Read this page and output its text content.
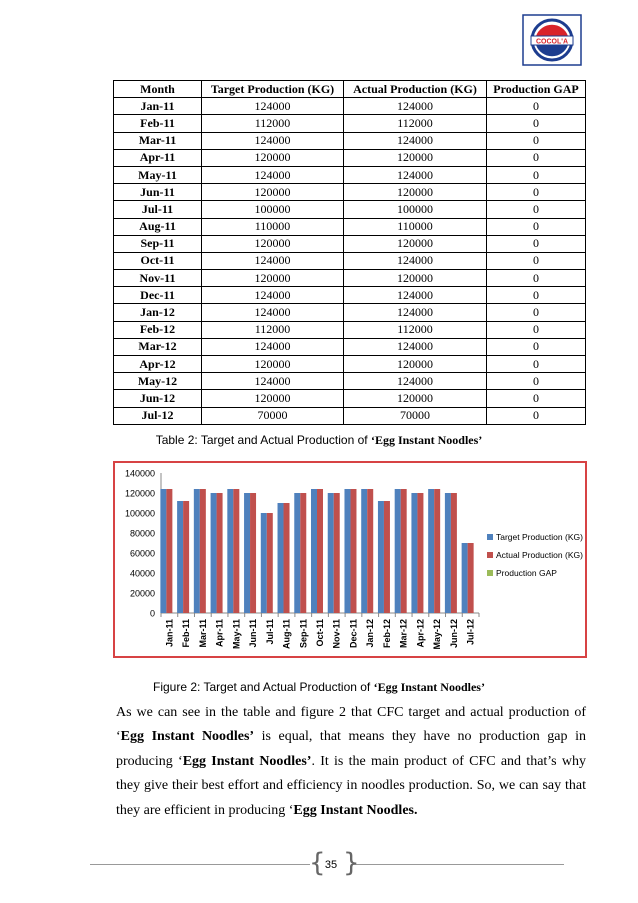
COCOL'A
Month	Target Production (KG)	Actual Production (KG)	Production GAP
Jan-11	124000	124000	0
Feb-11	112000	112000	0
Mar-11	124000	124000	0
Apr-11	120000	120000	0
May-11	124000	124000	0
Jun-11	120000	120000	0
Jul-11	100000	100000	0
Aug-11	110000	110000	0
Sep-11	120000	120000	0
Oct-11	124000	124000	0
Nov-11	120000	120000	0
Dec-11	124000	124000	0
Jan-12	124000	124000	0
Feb-12	112000	112000	0
Mar-12	124000	124000	0
Apr-12	120000	120000	0
May-12	124000	124000	0
Jun-12	120000	120000	0
Jul-12	70000	70000	0
Table 2: Target and Actual Production of ‘Egg Instant Noodles’
0
20000
40000
60000
80000
100000
120000
140000
Jan-11 Feb-11 Mar-11 Apr-11 May-11 Jun-11 Jul-11 Aug-11 Sep-11 Oct-11 Nov-11 Dec-11 Jan-12 Feb-12 Mar-12 Apr-12 May-12 Jun-12 Jul-12
Target Production (KG)
Actual Production (KG)
Production GAP
Figure 2: Target and Actual Production of ‘Egg Instant Noodles’
As we can see in the table and figure 2 that CFC target and actual production of ‘Egg Instant Noodles’ is equal, that means they have no production gap in producing ‘Egg Instant Noodles’. It is the main product of CFC and that’s why they give their best effort and efficiency in noodles production. So, we can say that they are efficient in producing ‘Egg Instant Noodles.
{ }
35
